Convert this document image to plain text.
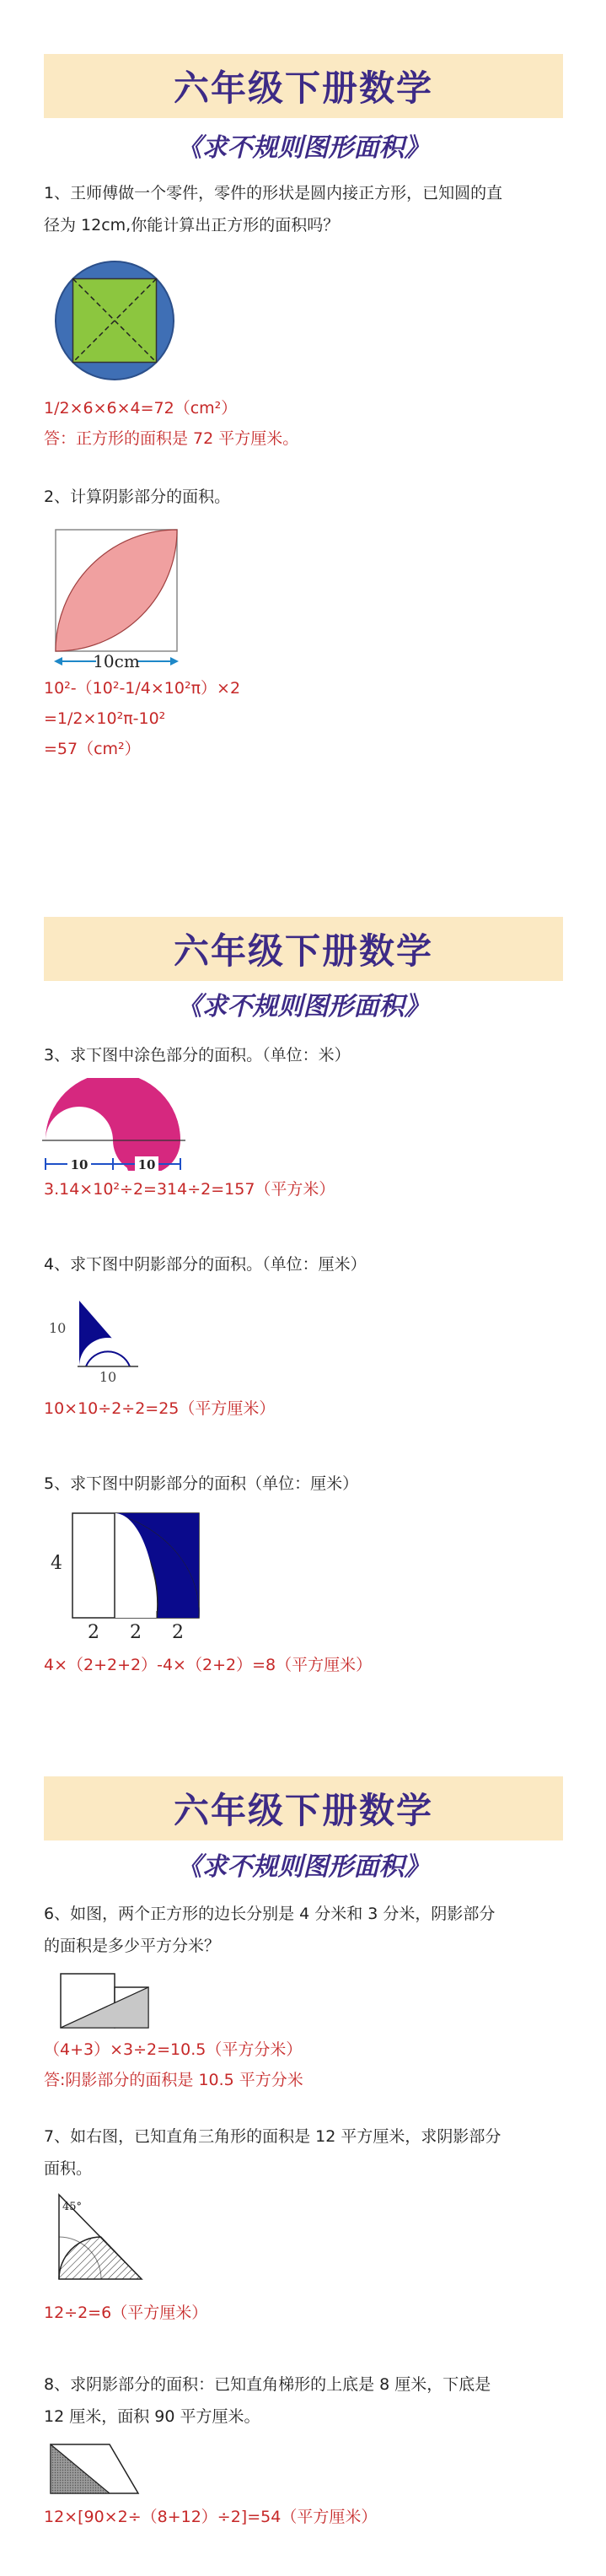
六年级下册数学
《求不规则图形面积》
1、王师傅做一个零件，零件的形状是圆内接正方形，已知圆的直
径为 12cm,你能计算出正方形的面积吗？
1/2×6×6×4=72（cm²）
答：正方形的面积是 72 平方厘米。
2、计算阴影部分的面积。
10cm
10²-（10²-1/4×10²π）×2
=1/2×10²π-10²
=57（cm²）
六年级下册数学
《求不规则图形面积》
3、求下图中涂色部分的面积。（单位：米）
10	10
3.14×10²÷2=314÷2=157（平方米）
4、求下图中阴影部分的面积。（单位：厘米）
10
10
10×10÷2÷2=25（平方厘米）
5、求下图中阴影部分的面积（单位：厘米）
4
2 2 2
4×（2+2+2）-4×（2+2）=8（平方厘米）
六年级下册数学
《求不规则图形面积》
6、如图，两个正方形的边长分别是 4 分米和 3 分米，阴影部分
的面积是多少平方分米？
（4+3）×3÷2=10.5（平方分米）
答:阴影部分的面积是 10.5 平方分米
7、如右图，已知直角三角形的面积是 12 平方厘米，求阴影部分
面积。
45°
12÷2=6（平方厘米）
8、求阴影部分的面积：已知直角梯形的上底是 8 厘米，下底是
12 厘米，面积 90 平方厘米。
12×[90×2÷（8+12）÷2]=54（平方厘米）
